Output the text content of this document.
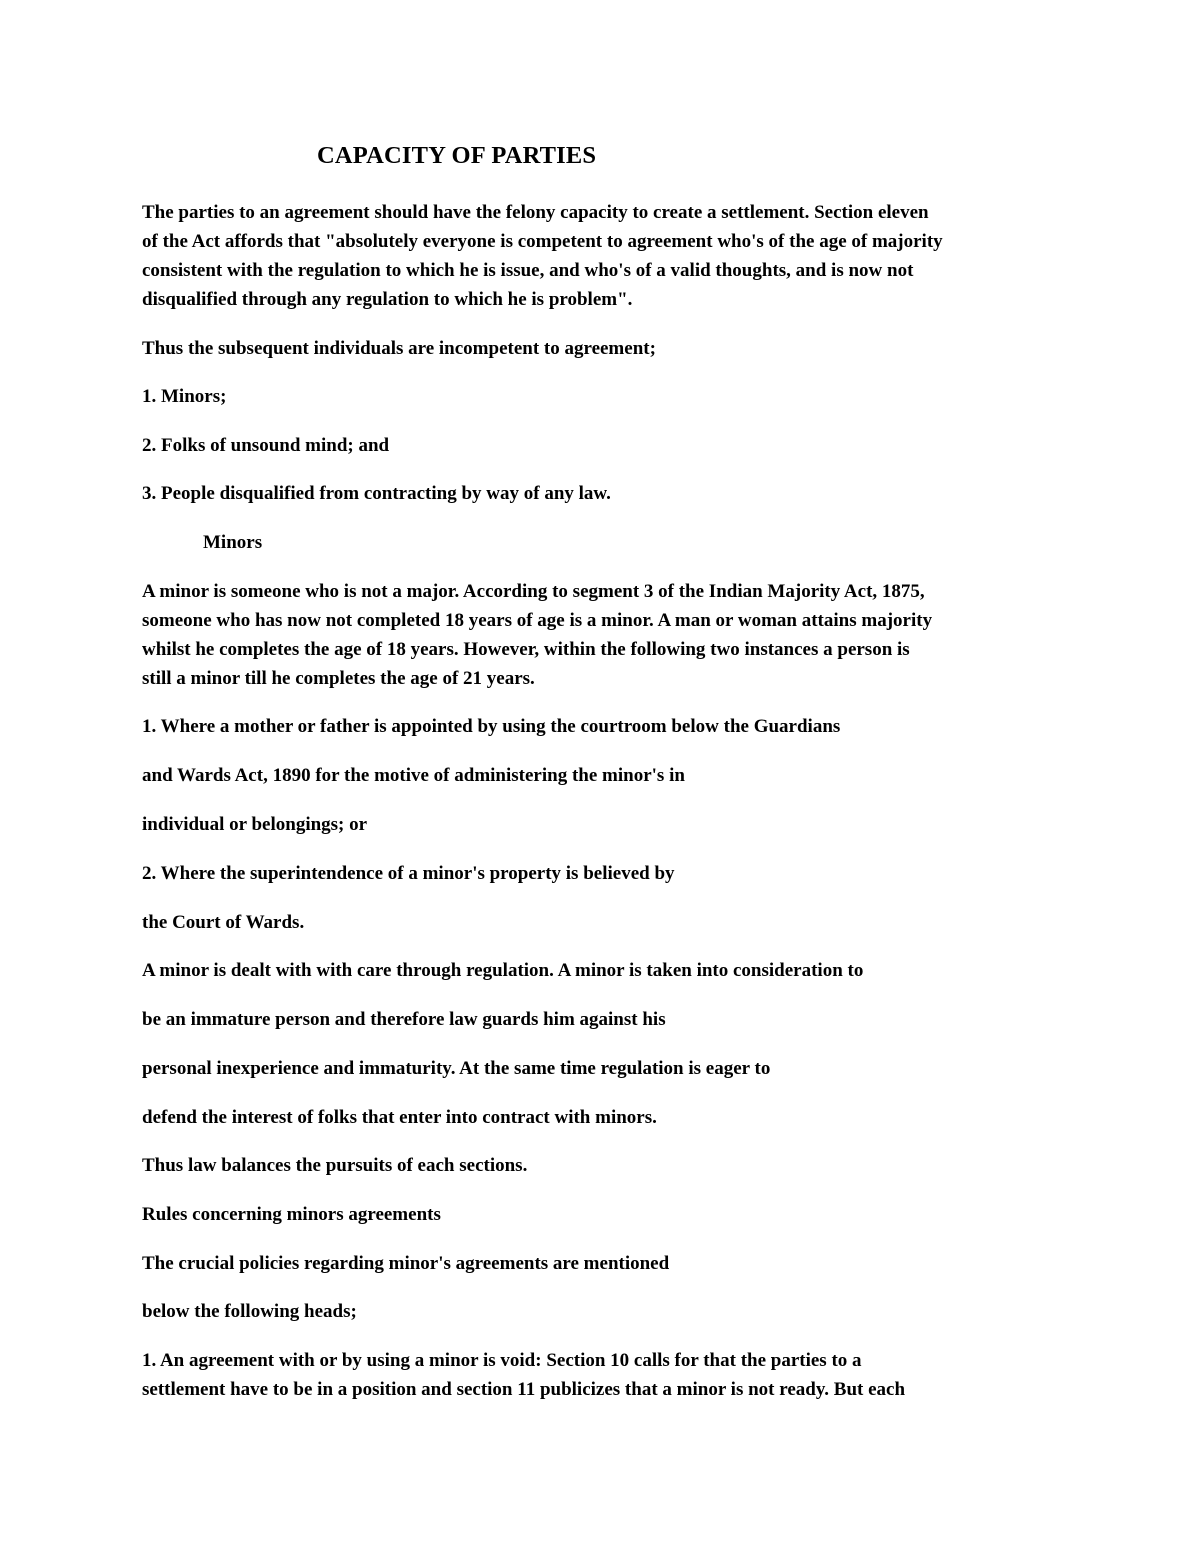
CAPACITY OF PARTIES

The parties to an agreement should have the felony capacity to create a settlement. Section eleven

of the Act affords that "absolutely everyone is competent to agreement who's of the age of majority

consistent with the regulation to which he is issue, and who's of a valid thoughts, and is now not

disqualified through any regulation to which he is problem".

Thus the subsequent individuals are incompetent to agreement;

1. Minors;

2. Folks of unsound mind; and

3. People disqualified from contracting by way of any law.

Minors

A minor is someone who is not a major. According to segment 3 of the Indian Majority Act, 1875,

someone who has now not completed 18 years of age is a minor. A man or woman attains majority

whilst he completes the age of 18 years. However, within the following two instances a person is

still a minor till he completes the age of 21 years.

1. Where a mother or father is appointed by using the courtroom below the Guardians

and Wards Act, 1890 for the motive of administering the minor's in

individual or belongings; or

2. Where the superintendence of a minor's property is believed by

the Court of Wards.

A minor is dealt with with care through regulation. A minor is taken into consideration to

be an immature person and therefore law guards him against his

personal inexperience and immaturity. At the same time regulation is eager to

defend the interest of folks that enter into contract with minors.

Thus law balances the pursuits of each sections.

Rules concerning minors agreements

The crucial policies regarding minor's agreements are mentioned

below the following heads;

1. An agreement with or by using a minor is void: Section 10 calls for that the parties to a

settlement have to be in a position and section 11 publicizes that a minor is not ready. But each
